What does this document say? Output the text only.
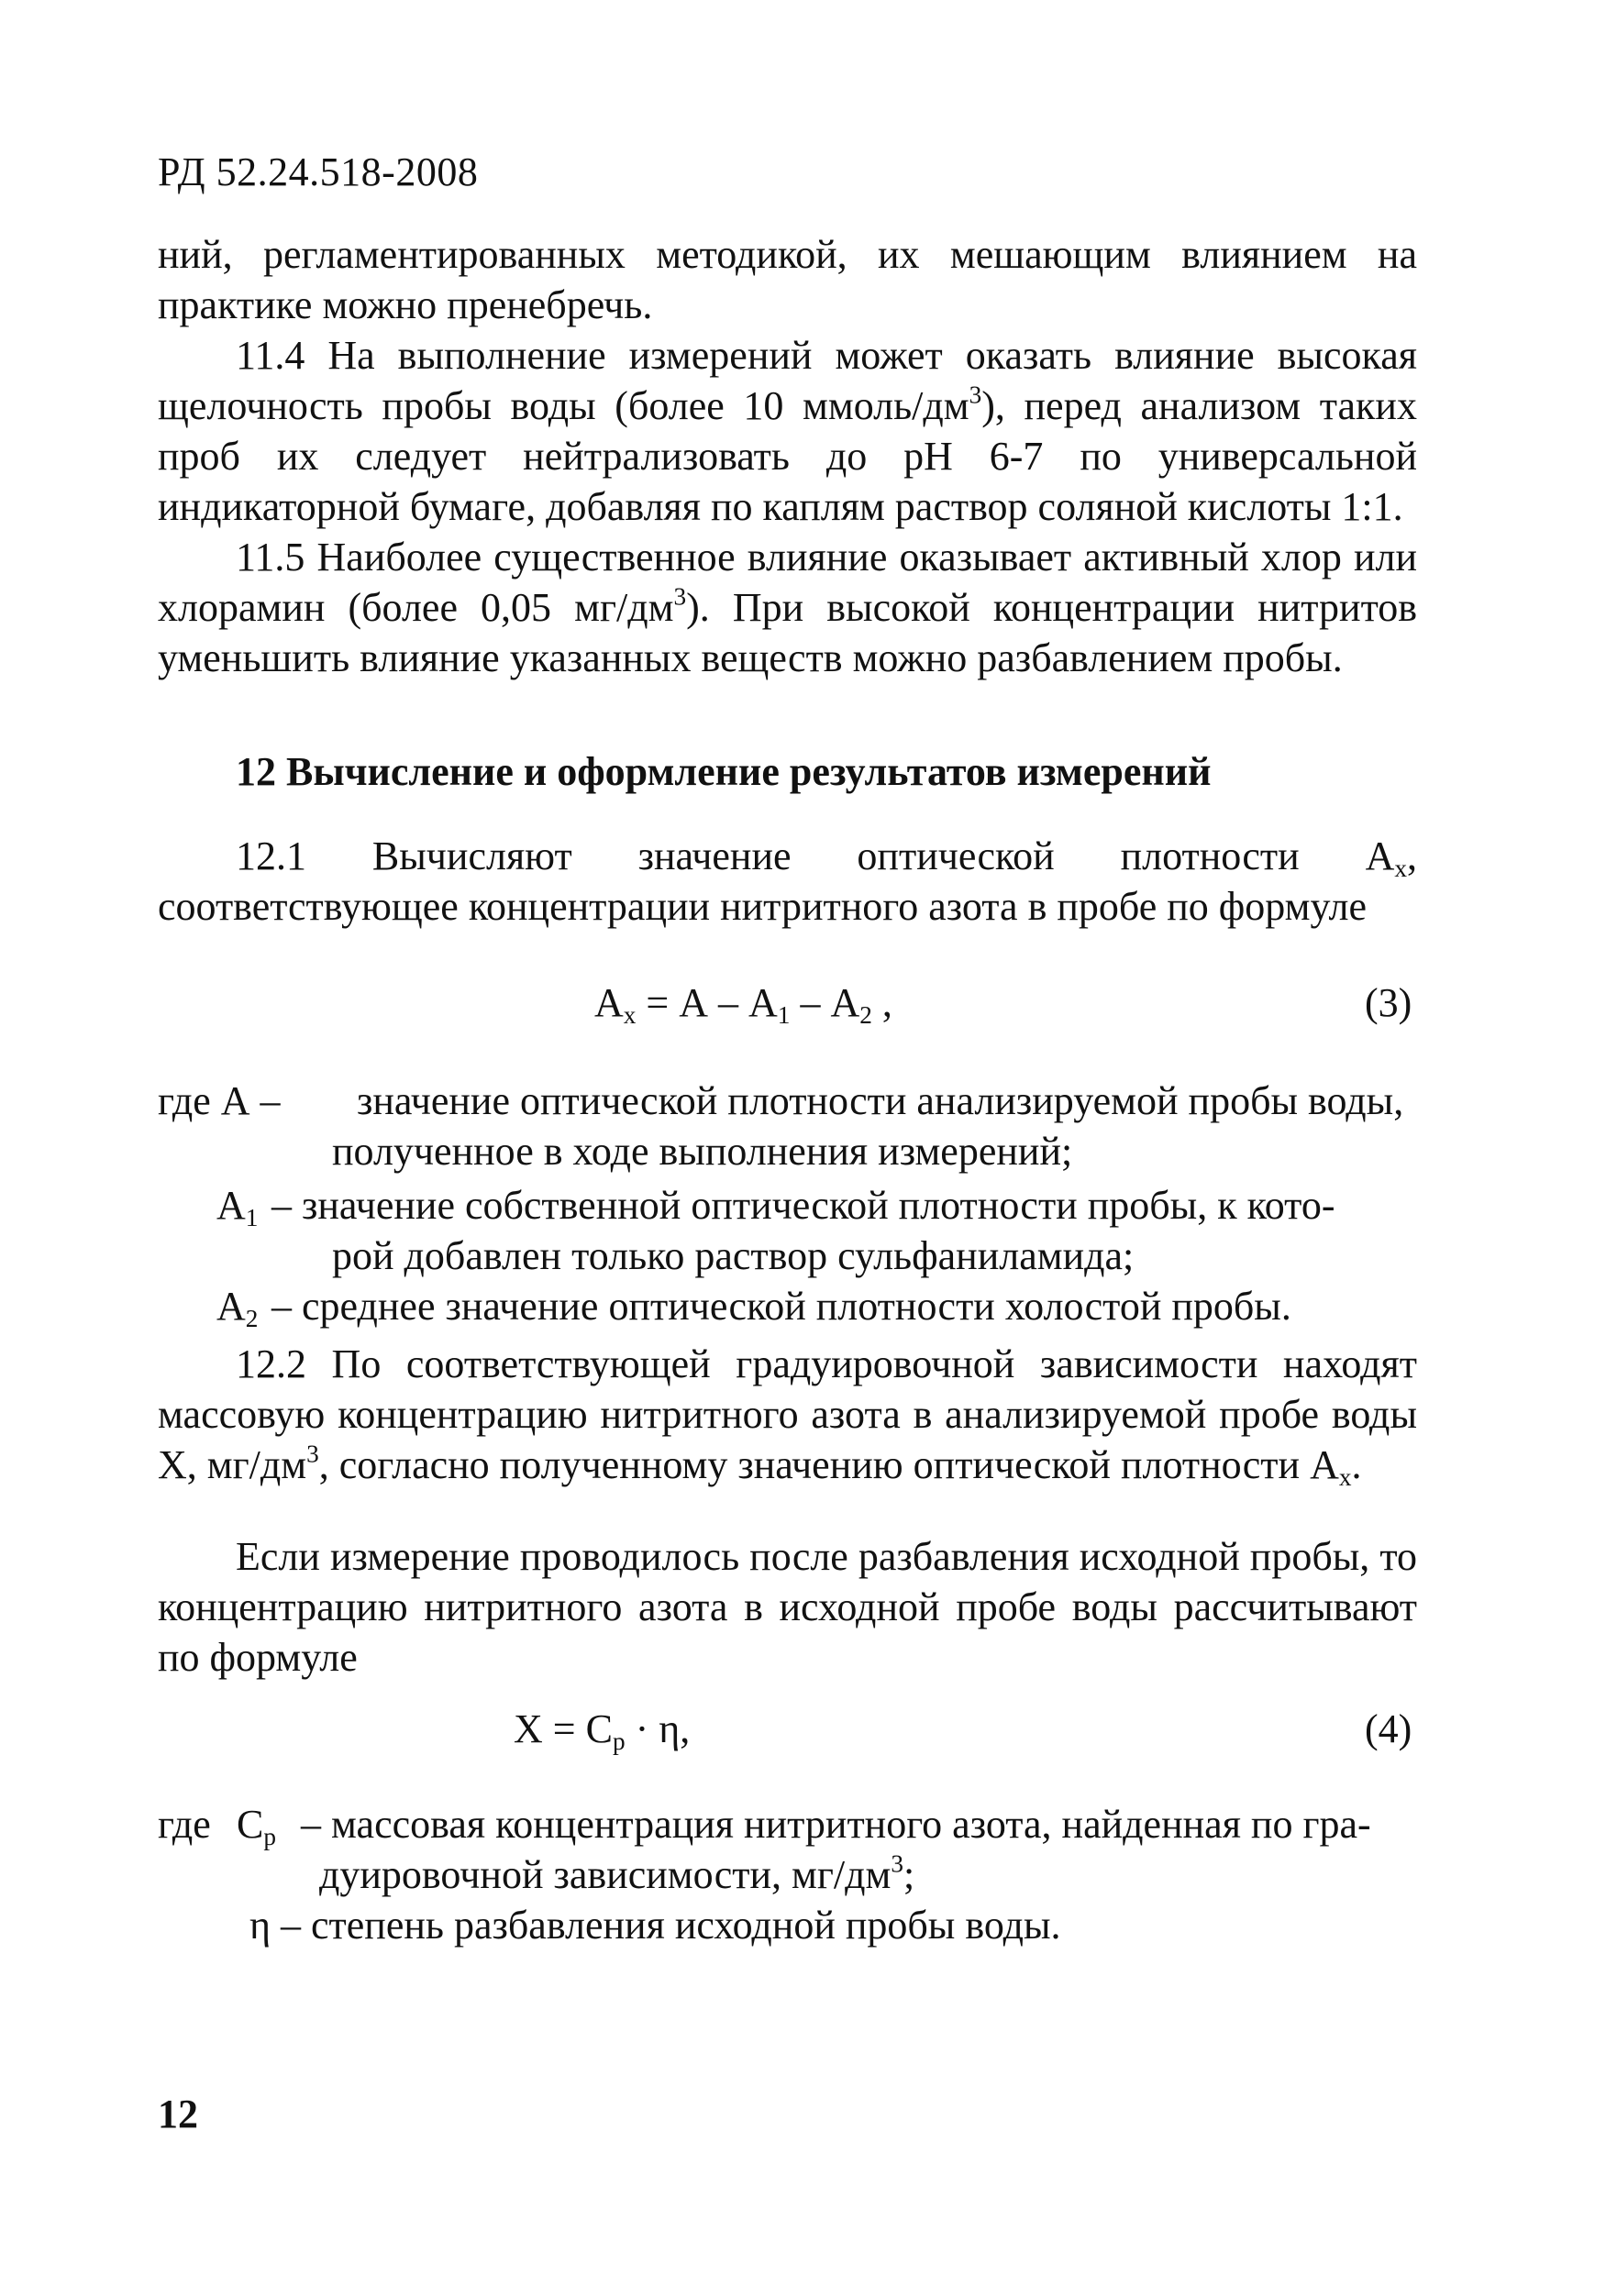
РД 52.24.518-2008

ний, регламентированных методикой, их мешающим влиянием на практике можно пренебречь.

11.4 На выполнение измерений может оказать влияние высокая щелочность пробы воды (более 10 ммоль/$дм^3$), перед анализом таких проб их следует нейтрализовать до рН 6-7 по универсальной индикаторной бумаге, добавляя по каплям раствор соляной кислоты 1:1.

11.5 Наиболее существенное влияние оказывает активный хлор или хлорамин (более 0,05 $мг/дм^3$). При высокой концентрации нитритов уменьшить влияние указанных веществ можно разбавлением пробы.

12 Вычисление и оформление результатов измерений

12.1 Вычисляют значение оптической плотности $А_x$, соответствующее концентрации нитритного азота в пробе по формуле

$А_x = А - А_1 - А_2$ ,	(3)
где А – значение оптической плотности анализируемой пробы воды,
полученное в ходе выполнения измерений;
$А_1$ – значение собственной оптической плотности пробы, к кото-
рой добавлен только раствор сульфаниламида;
$А_2$ – среднее значение оптической плотности холостой пробы.

12.2 По соответствующей градуировочной зависимости находят массовую концентрацию нитритного азота в анализируемой пробе воды X, $мг/дм^3$, согласно полученному значению оптической плотности $А_x$.

Если измерение проводилось после разбавления исходной пробы, то концентрацию нитритного азота в исходной пробе воды рассчитывают по формуле

$X = C_p \cdot \eta$,	(4)
где $C_p$ – массовая концентрация нитритного азота, найденная по гра-
дуировочной зависимости, $мг/дм^3$;
η – степень разбавления исходной пробы воды.
12
